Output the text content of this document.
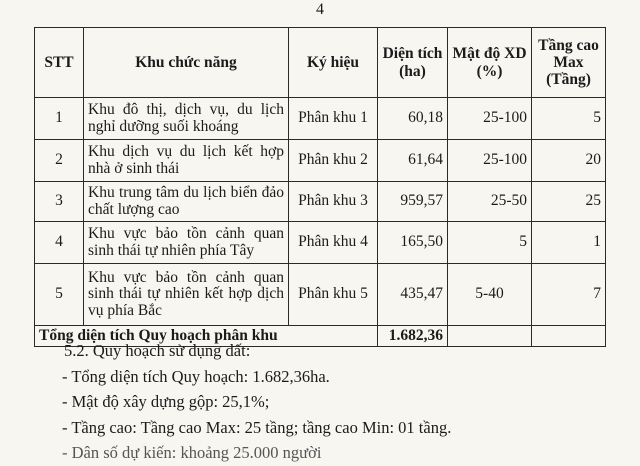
4
STT	Khu chức năng	Ký hiệu	Diện tích (ha)	Mật độ XD (%)	Tầng cao Max (Tầng)
1	Khu đô thị, dịch vụ, du lịch nghỉ dưỡng suối khoáng	Phân khu 1	60,18	25-100	5
2	Khu dịch vụ du lịch kết hợp nhà ở sinh thái	Phân khu 2	61,64	25-100	20
3	Khu trung tâm du lịch biển đảo chất lượng cao	Phân khu 3	959,57	25-50	25
4	Khu vực bảo tồn cảnh quan sinh thái tự nhiên phía Tây	Phân khu 4	165,50	5	1
5	Khu vực bảo tồn cảnh quan sinh thái tự nhiên kết hợp dịch vụ phía Bắc	Phân khu 5	435,47	5-40	7
Tổng diện tích Quy hoạch phân khu			1.682,36		

5.2. Quy hoạch sử dụng đất:

- Tổng diện tích Quy hoạch: 1.682,36ha.

- Mật độ xây dựng gộp: 25,1%;

- Tầng cao: Tầng cao Max: 25 tầng; tầng cao Min: 01 tầng.

- Dân số dự kiến: khoảng 25.000 người
